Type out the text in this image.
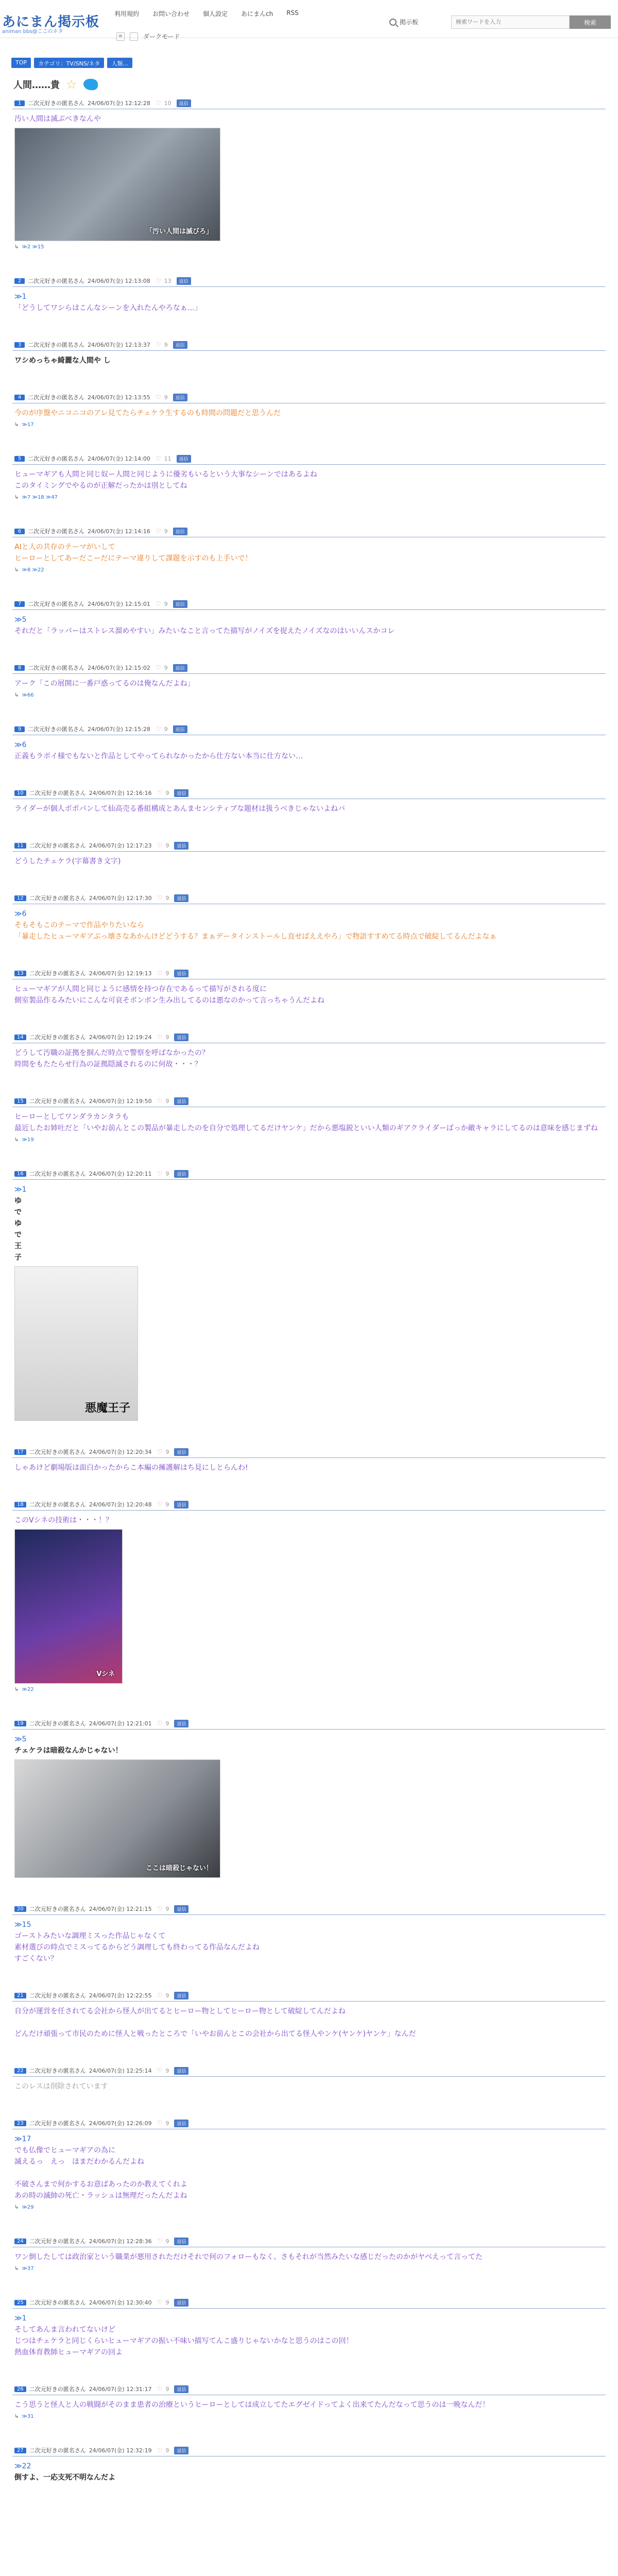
あにまん掲示板
animan bbs@ここのネタ
利用規約 お問い合わせ 個人設定 あにまんch RSS
≡	ダークモード
掲示板
検索ワードを入力	検索
TOP	カテゴリ：TV/SNS/ネタ	人類…
人間……貴 ☆
1	二次元好きの匿名さん 24/06/07(金) 12:12:28 ♡ 10	返信
汚い人間は滅ぶべきなんや
「汚い人間は滅びろ」
↳ ≫2 ≫15
2	二次元好きの匿名さん 24/06/07(金) 12:13:08 ♡ 13	返信
≫1
「どうしてワシらはこんなシーンを入れたんやろなぁ…」
3	二次元好きの匿名さん 24/06/07(金) 12:13:37 ♡ 9	返信
ワシめっちゃ綺麗な人間や し
4	二次元好きの匿名さん 24/06/07(金) 12:13:55 ♡ 9	返信
今のが序盤やニコニコのアレ見てたらチェケラ生するのも時間の問題だと思うんだ
↳ ≫17
5	二次元好きの匿名さん 24/06/07(金) 12:14:00 ♡ 11	返信
ヒューマギアも人間と同じ奴ー人間と同じように優劣もいるという大事なシーンではあるよね
このタイミングでやるのが正解だったかは別としてね
↳ ≫7 ≫18 ≫47
6	二次元好きの匿名さん 24/06/07(金) 12:14:16 ♡ 9	返信
AIと人の共存のテーマがいして
ヒーローとしてあーだこーだにテーマ違りして課題を示すのも上手いで！
↳ ≫8 ≫22
7	二次元好きの匿名さん 24/06/07(金) 12:15:01 ♡ 9	返信
≫5
それだと「ラッパーはストレス溜めやすい」みたいなこと言ってた描写がノイズを捉えたノイズなのはいいんスかコレ
8	二次元好きの匿名さん 24/06/07(金) 12:15:02 ♡ 9	返信
アーク「この展開に一番戸惑ってるのは俺なんだよね」
↳ ≫66
9	二次元好きの匿名さん 24/06/07(金) 12:15:28 ♡ 9	返信
≫6
正義もラボイ様でもないと作品としてやってられなかったから仕方ない本当に仕方ない…
10	二次元好きの匿名さん 24/06/07(金) 12:16:16 ♡ 9	返信
ライダーが個人ボポパンして仙高売る番組構成とあんまセンシティブな題材は扱うべきじゃないよねバ
11	二次元好きの匿名さん 24/06/07(金) 12:17:23 ♡ 9	返信
どうしたチェケラ(字幕書き文字)
12	二次元好きの匿名さん 24/06/07(金) 12:17:30 ♡ 9	返信
≫6
そもそもこのテーマで作品やりたいなら
「暴走したヒューマギアぶっ壊さなあかんけどどうする？まぁデータインストールし直せばええやろ」で物語すすめてる時点で破綻してるんだよなぁ
13	二次元好きの匿名さん 24/06/07(金) 12:19:13 ♡ 9	返信
ヒューマギアが人間と同じように感情を持つ存在であるって描写がされる度に
側室製品作るみたいにこんな可哀そボンボン生み出してるのは悪なのかって言っちゃうんだよね
14	二次元好きの匿名さん 24/06/07(金) 12:19:24 ♡ 9	返信
どうして汚職の証拠を掴んだ時点で警察を呼ばなかったの？
時間をもたたらせ行為の証拠隠滅されるのに何故・・・？
15	二次元好きの匿名さん 24/06/07(金) 12:19:50 ♡ 9	返信
ヒーローとしてワンダラカンタラも
最近したお姉吐だと「いやお前んとこの製品が暴走したのを自分で処理してるだけヤンケ」だから悪塩鋭といい人類のギアクライダーばっか敵キャラにしてるのは意味を感じまずね
↳ ≫19
16	二次元好きの匿名さん 24/06/07(金) 12:20:11 ♡ 9	返信
≫1
ゆ
で
ゆ
で
王
子
悪魔王子
17	二次元好きの匿名さん 24/06/07(金) 12:20:34 ♡ 9	返信
しゃあけど劇場版は面白かったからこ本編の擁護解はち見にしとらんわ!
18	二次元好きの匿名さん 24/06/07(金) 12:20:48 ♡ 9	返信
このVシネの技術は・・・！？
Vシネ
↳ ≫22
19	二次元好きの匿名さん 24/06/07(金) 12:21:01 ♡ 9	返信
≫5
チェケラは暗殺なんかじゃない！
ここは暗殺じゃない！
20	二次元好きの匿名さん 24/06/07(金) 12:21:15 ♡ 9	返信
≫15
ゴーストみたいな調理ミスった作品じゃなくて
素材選びの時点でミスってるからどう調理しても終わってる作品なんだよね
すごくない？
21	二次元好きの匿名さん 24/06/07(金) 12:22:55 ♡ 9	返信
自分が運営を任されてる会社から怪人が出てるとヒーロー物としてヒーロー物として破綻してんだよね
どんだけ頑張って市民のために怪人と戦ったところで「いやお前んとこの会社から出てる怪人やンケ(ヤンケ)ヤンケ」なんだ
22	二次元好きの匿名さん 24/06/07(金) 12:25:14 ♡ 9	返信
このレスは削除されています
23	二次元好きの匿名さん 24/06/07(金) 12:26:09 ♡ 9	返信
≫17
でも仏像でヒューマギアの為に
滅えるっ　えっ　ほまだわかるんだよね
不破さんまで何かするお意ばあったのか教えてくれよ
あの時の滅帥の死亡・ラッシュは無理だったんだよね
↳ ≫29
24	二次元好きの匿名さん 24/06/07(金) 12:28:36 ♡ 9	返信
ワン倒したしては政治家という職業が悪用されただけそれで何のフォローもなく、さもそれが当然みたいな感じだったのかがヤベえって言ってた
↳ ≫37
25	二次元好きの匿名さん 24/06/07(金) 12:30:40 ♡ 9	返信
≫1
そしてあんま言われてないけど
じつはチェケラと同じくらいヒューマギアの振い不味い描写てんこ盛りじゃないかなと思うのはこの回！
熱血体育教師ヒューマギアの回よ
26	二次元好きの匿名さん 24/06/07(金) 12:31:17 ♡ 9	返信
こう思うと怪人と人の戦闘がそのまま患者の治療というヒーローとしては成立してたエグゼイドってよく出来てたんだなって思うのは一晩なんだ！
↳ ≫31
27	二次元好きの匿名さん 24/06/07(金) 12:32:19 ♡ 9	返信
≫22
倒すよ、一応支死不明なんだよ
